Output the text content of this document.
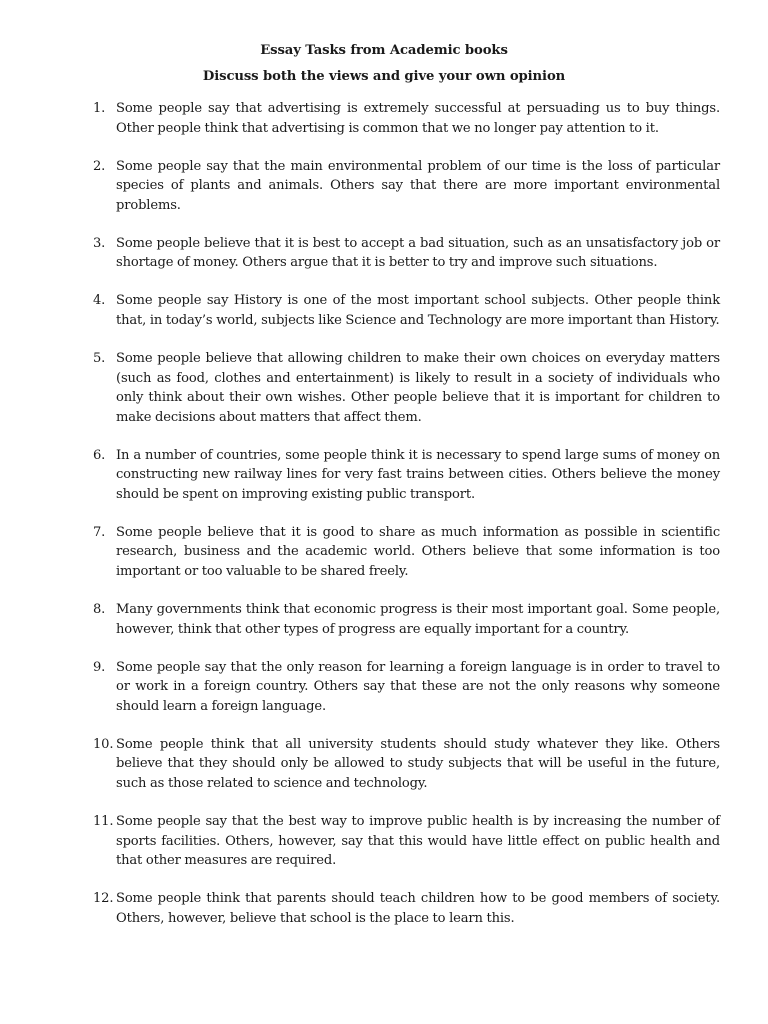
Essay Tasks from Academic books
Discuss both the views and give your own opinion
1. Some people say that advertising is extremely successful at persuading us to buy things. Other people think that advertising is common that we no longer pay attention to it.
2. Some people say that the main environmental problem of our time is the loss of particular species of plants and animals. Others say that there are more important environmental problems.
3. Some people believe that it is best to accept a bad situation, such as an unsatisfactory job or shortage of money. Others argue that it is better to try and improve such situations.
4. Some people say History is one of the most important school subjects. Other people think that, in today’s world, subjects like Science and Technology are more important than History.
5. Some people believe that allowing children to make their own choices on everyday matters (such as food, clothes and entertainment) is likely to result in a society of individuals who only think about their own wishes. Other people believe that it is important for children to make decisions about matters that affect them.
6. In a number of countries, some people think it is necessary to spend large sums of money on constructing new railway lines for very fast trains between cities. Others believe the money should be spent on improving existing public transport.
7. Some people believe that it is good to share as much information as possible in scientific research, business and the academic world. Others believe that some information is too important or too valuable to be shared freely.
8. Many governments think that economic progress is their most important goal. Some people, however, think that other types of progress are equally important for a country.
9. Some people say that the only reason for learning a foreign language is in order to travel to or work in a foreign country. Others say that these are not the only reasons why someone should learn a foreign language.
10. Some people think that all university students should study whatever they like. Others believe that they should only be allowed to study subjects that will be useful in the future, such as those related to science and technology.
11. Some people say that the best way to improve public health is by increasing the number of sports facilities. Others, however, say that this would have little effect on public health and that other measures are required.
12. Some people think that parents should teach children how to be good members of society. Others, however, believe that school is the place to learn this.
